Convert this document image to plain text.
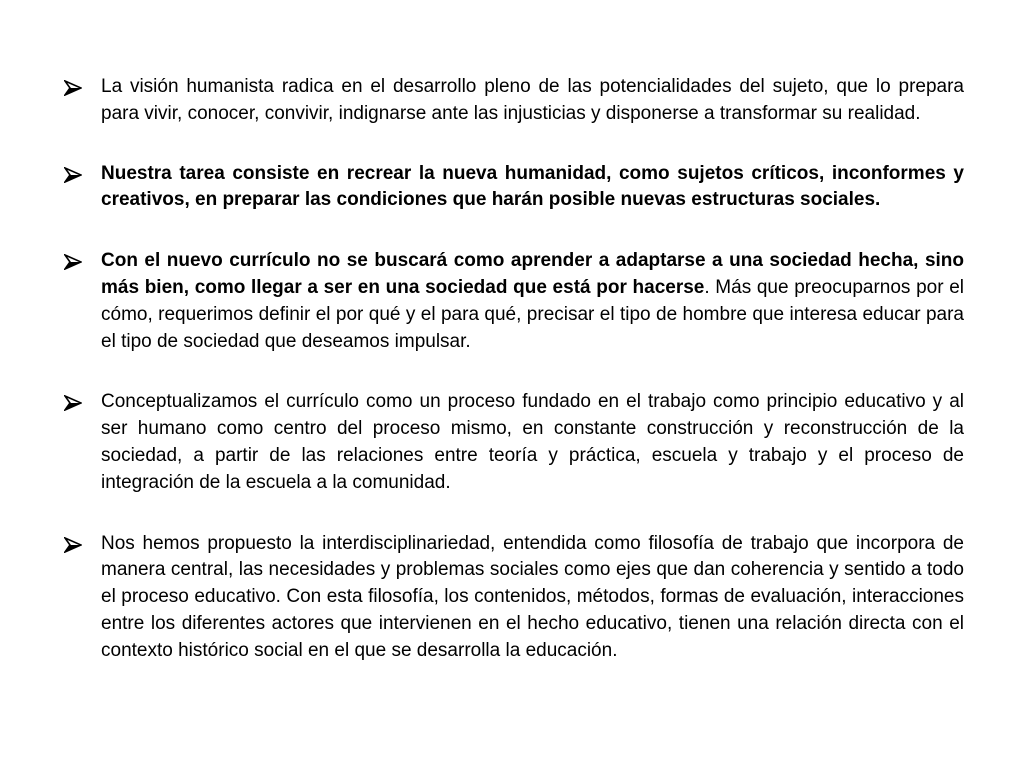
La visión humanista radica en el desarrollo pleno de las potencialidades del sujeto, que lo prepara para vivir, conocer, convivir, indignarse ante las injusticias y disponerse a transformar su realidad.

Nuestra tarea consiste en recrear la nueva humanidad, como sujetos críticos, inconformes y creativos, en preparar las condiciones que harán posible nuevas estructuras sociales.

Con el nuevo currículo no se buscará como aprender a adaptarse a una sociedad hecha, sino más bien, como llegar a ser en una sociedad que está por hacerse. Más que preocuparnos por el cómo, requerimos definir el por qué y el para qué, precisar el tipo de hombre que interesa educar para el tipo de sociedad que deseamos impulsar.

Conceptualizamos el currículo como un proceso fundado en el trabajo como principio educativo y al ser humano como centro del proceso mismo, en constante construcción y reconstrucción de la sociedad, a partir de las relaciones entre teoría y práctica, escuela y trabajo y el proceso de integración de la escuela a la comunidad.

Nos hemos propuesto la interdisciplinariedad, entendida como filosofía de trabajo que incorpora de manera central, las necesidades y problemas sociales como ejes que dan coherencia y sentido a todo el proceso educativo. Con esta filosofía, los contenidos, métodos, formas de evaluación, interacciones entre los diferentes actores que intervienen en el hecho educativo, tienen una relación directa con el contexto histórico social en el que se desarrolla la educación.
